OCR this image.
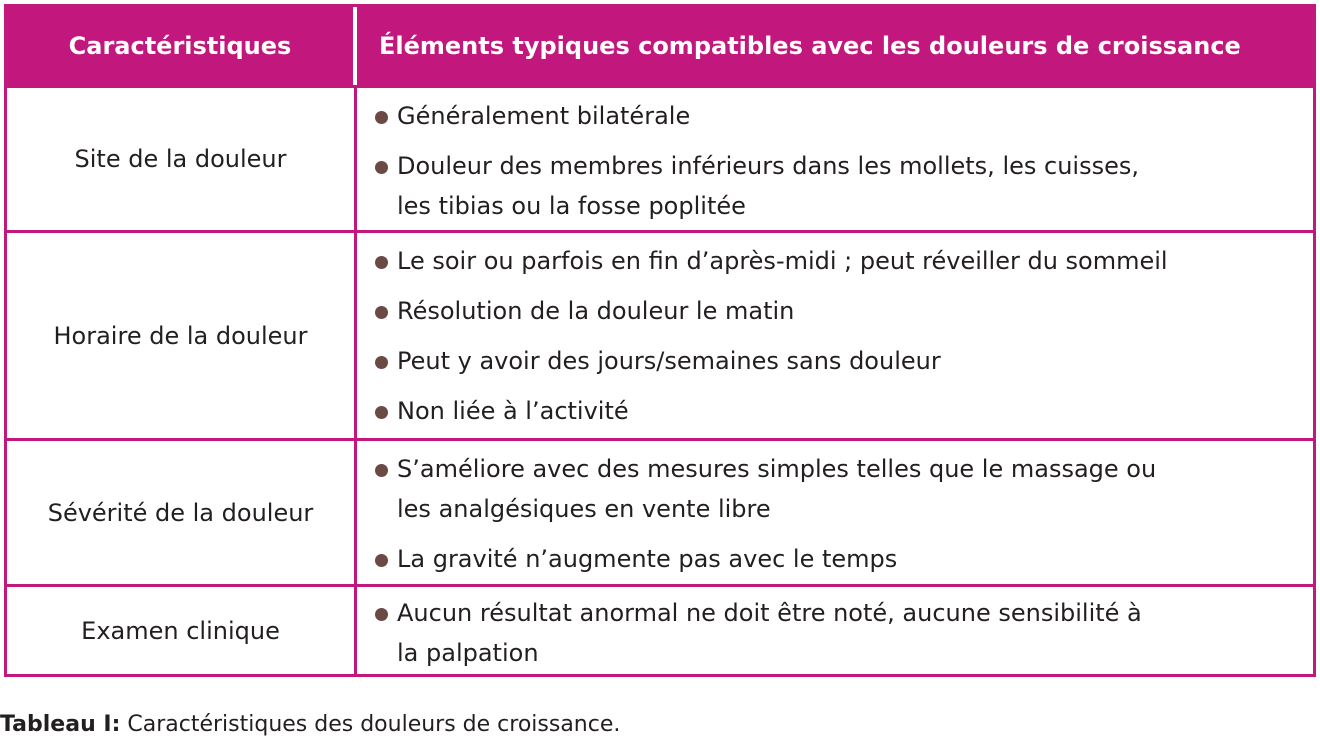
Caractéristiques	Éléments typiques compatibles avec les douleurs de croissance
Site de la douleur
Généralement bilatérale
Douleur des membres inférieurs dans les mollets, les cuisses,
les tibias ou la fosse poplitée
Horaire de la douleur
Le soir ou parfois en fin d’après-midi ; peut réveiller du sommeil
Résolution de la douleur le matin
Peut y avoir des jours/semaines sans douleur
Non liée à l’activité
Sévérité de la douleur
S’améliore avec des mesures simples telles que le massage ou
les analgésiques en vente libre
La gravité n’augmente pas avec le temps
Examen clinique
Aucun résultat anormal ne doit être noté, aucune sensibilité à
la palpation
Tableau I: Caractéristiques des douleurs de croissance.
